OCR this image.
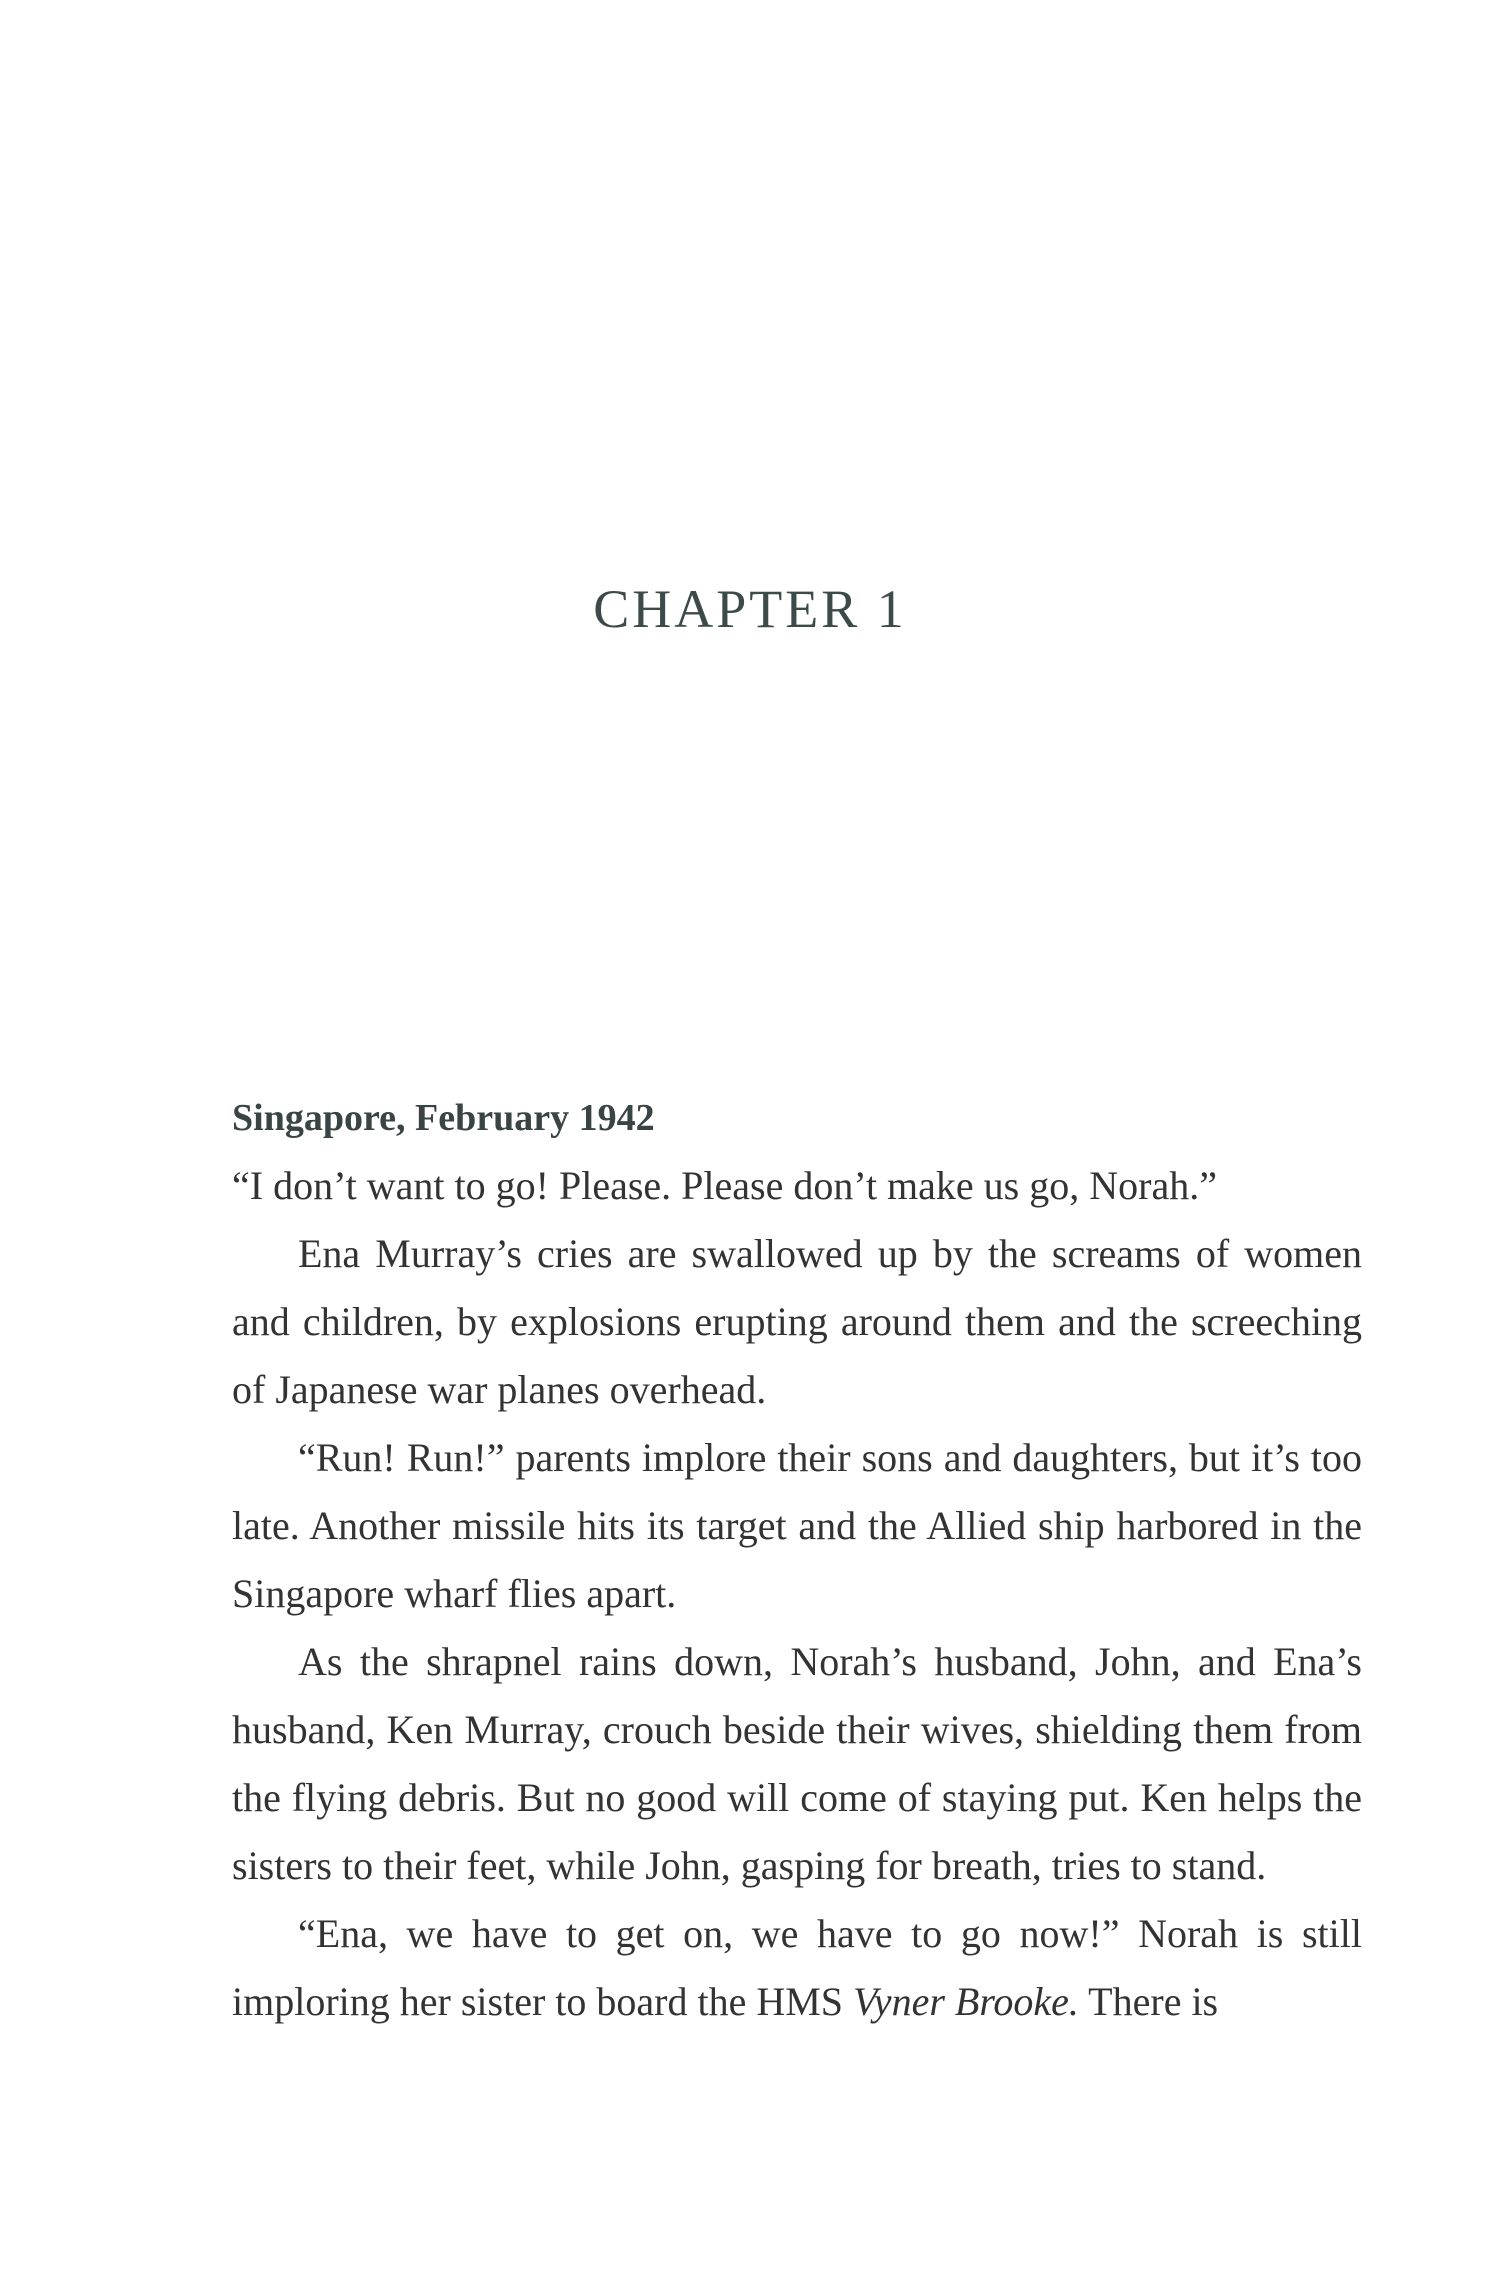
CHAPTER 1

Singapore, February 1942

“I don’t want to go! Please. Please don’t make us go, Norah.”

Ena Murray’s cries are swallowed up by the screams of women and children, by explosions erupting around them and the screeching of Japanese war planes overhead.

“Run! Run!” parents implore their sons and daughters, but it’s too late. Another missile hits its target and the Allied ship harbored in the Singapore wharf flies apart.

As the shrapnel rains down, Norah’s husband, John, and Ena’s husband, Ken Murray, crouch beside their wives, shielding them from the flying debris. But no good will come of staying put. Ken helps the sisters to their feet, while John, gasping for breath, tries to stand.

“Ena, we have to get on, we have to go now!” Norah is still imploring her sister to board the HMS Vyner Brooke. There is
